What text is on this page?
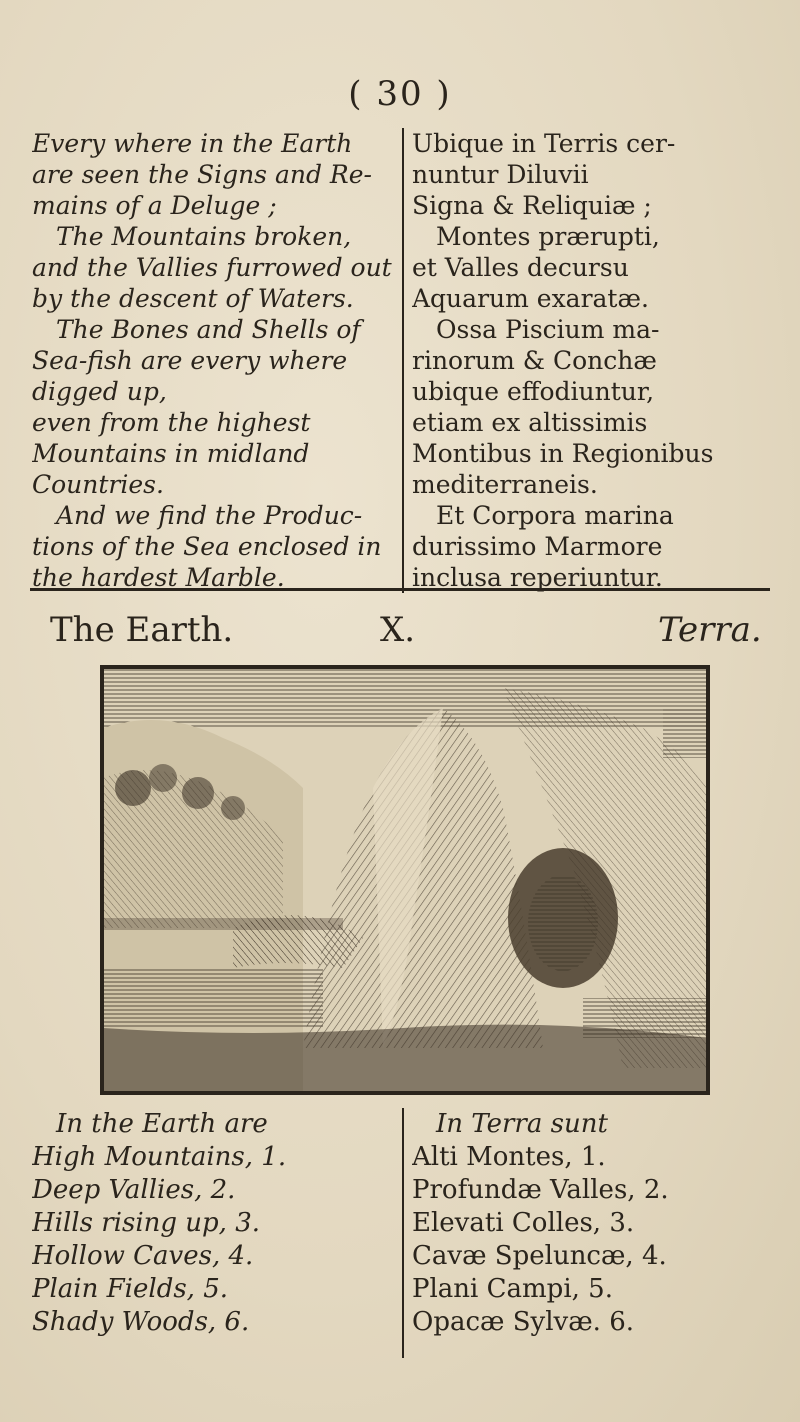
( 30 )
Every where in the Earth
are seen the Signs and Re-
mains of a Deluge ;
The Mountains broken,
and the Vallies furrowed out
by the descent of Waters.
The Bones and Shells of
Sea-fish are every where
digged up,
even from the highest
Mountains in midland
Countries.
And we find the Produc-
tions of the Sea enclosed in
the hardest Marble.
Ubique in Terris cer-
nuntur Diluvii
Signa & Reliquiæ ;
Montes prærupti,
et Valles decursu
Aquarum exaratæ.
Ossa Piscium ma-
rinorum & Conchæ
ubique effodiuntur,
etiam ex altissimis
Montibus in Regionibus
mediterraneis.
Et Corpora marina
durissimo Marmore
inclusa reperiuntur.
The Earth.	X.	Terra.
In the Earth are
High Mountains, 1.
Deep Vallies, 2.
Hills rising up, 3.
Hollow Caves, 4.
Plain Fields, 5.
Shady Woods, 6.
In Terra sunt
Alti Montes, 1.
Profundæ Valles, 2.
Elevati Colles, 3.
Cavæ Speluncæ, 4.
Plani Campi, 5.
Opacæ Sylvæ. 6.
